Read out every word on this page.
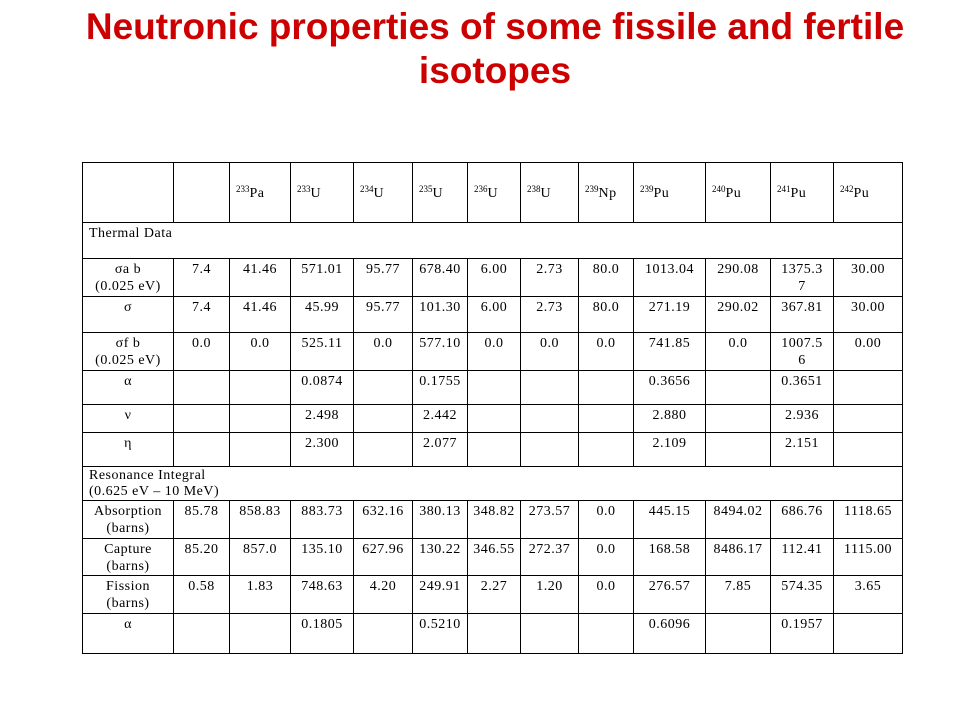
Neutronic properties of some fissile and fertile isotopes
		$^{233}$Pa	$^{233}$U	$^{234}$U	$^{235}$U	$^{236}$U	$^{238}$U	$^{239}$Np	$^{239}$Pu	$^{240}$Pu	$^{241}$Pu	$^{242}$Pu
Thermal Data												

σa b
(0.025 eV)	7.4	41.46	571.01	95.77	678.40	6.00	2.73	80.0	1013.04	290.08	1375.37	30.00

σ	7.4	41.46	45.99	95.77	101.30	6.00	2.73	80.0	271.19	290.02	367.81	30.00

σf b
(0.025 eV)	0.0	0.0	525.11	0.0	577.10	0.0	0.0	0.0	741.85	0.0	1007.56	0.00

α			0.0874		0.1755				0.3656		0.3651	

ν			2.498		2.442				2.880		2.936	

η			2.300		2.077				2.109		2.151	

Resonance Integral
(0.625 eV – 10 MeV)												

Absorption
(barns)	85.78	858.83	883.73	632.16	380.13	348.82	273.57	0.0	445.15	8494.02	686.76	1118.65

Capture
(barns)	85.20	857.0	135.10	627.96	130.22	346.55	272.37	0.0	168.58	8486.17	112.41	1115.00

Fission
(barns)	0.58	1.83	748.63	4.20	249.91	2.27	1.20	0.0	276.57	7.85	574.35	3.65

α			0.1805		0.5210				0.6096		0.1957	
